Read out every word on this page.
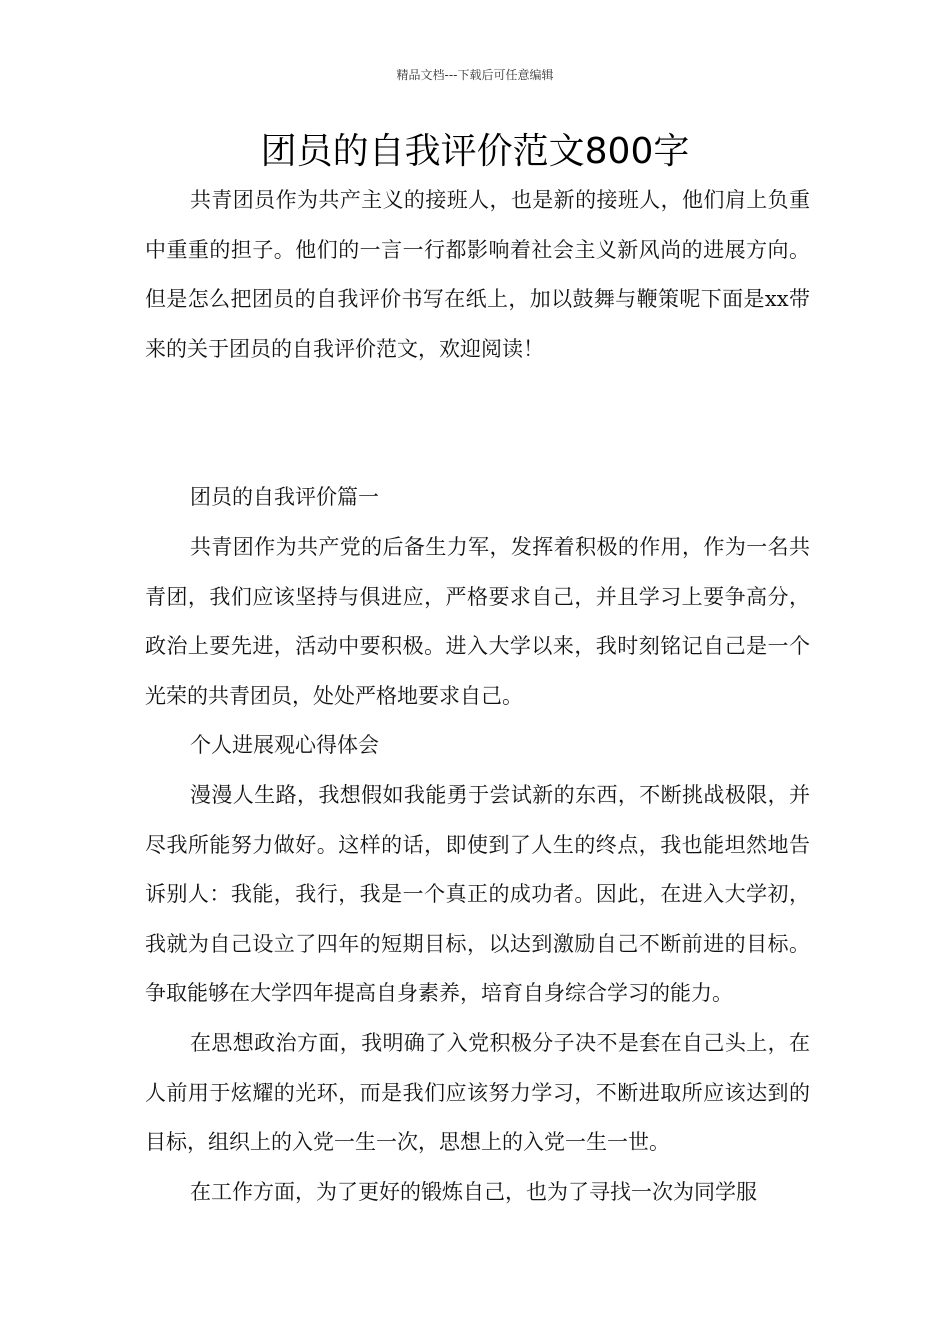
精品文档---下载后可任意编辑
团员的自我评价范文800字

共青团员作为共产主义的接班人，也是新的接班人，他们肩上负重中重重的担子。他们的一言一行都影响着社会主义新风尚的进展方向。但是怎么把团员的自我评价书写在纸上，加以鼓舞与鞭策呢下面是xx带来的关于团员的自我评价范文，欢迎阅读！

团员的自我评价篇一

共青团作为共产党的后备生力军，发挥着积极的作用，作为一名共青团，我们应该坚持与俱进应，严格要求自己，并且学习上要争高分，政治上要先进，活动中要积极。进入大学以来，我时刻铭记自己是一个光荣的共青团员，处处严格地要求自己。

个人进展观心得体会

漫漫人生路，我想假如我能勇于尝试新的东西，不断挑战极限，并尽我所能努力做好。这样的话，即使到了人生的终点，我也能坦然地告诉别人：我能，我行，我是一个真正的成功者。因此，在进入大学初，我就为自己设立了四年的短期目标，以达到激励自己不断前进的目标。争取能够在大学四年提高自身素养，培育自身综合学习的能力。

在思想政治方面，我明确了入党积极分子决不是套在自己头上，在人前用于炫耀的光环，而是我们应该努力学习，不断进取所应该达到的目标，组织上的入党一生一次，思想上的入党一生一世。

在工作方面，为了更好的锻炼自己，也为了寻找一次为同学服
